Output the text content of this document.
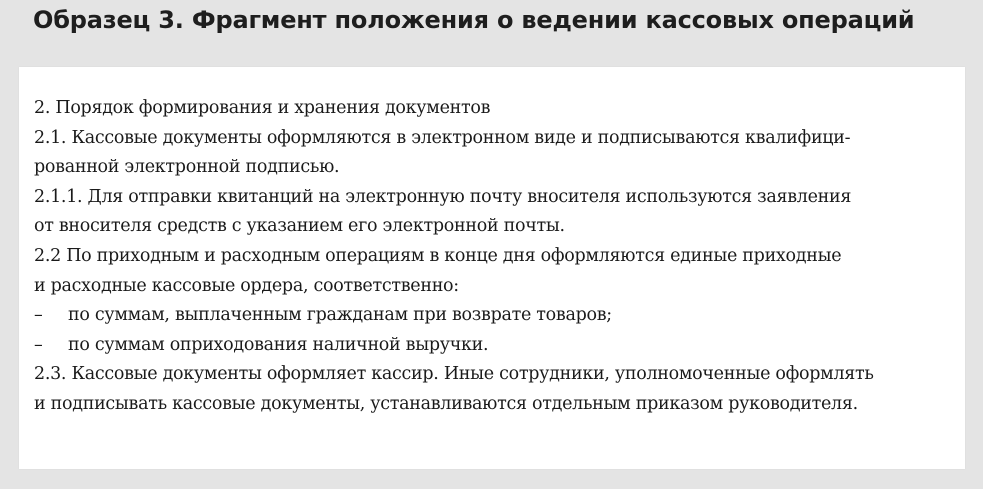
Образец 3. Фрагмент положения о ведении кассовых операций
2. Порядок формирования и хранения документов
2.1. Кассовые документы оформляются в электронном виде и подписываются квалифици-
рованной электронной подписью.
2.1.1. Для отправки квитанций на электронную почту вносителя используются заявления
от вносителя средств с указанием его электронной почты.
2.2 По приходным и расходным операциям в конце дня оформляются единые приходные
и расходные кассовые ордера, соответственно:
– по суммам, выплаченным гражданам при возврате товаров;
– по суммам оприходования наличной выручки.
2.3. Кассовые документы оформляет кассир. Иные сотрудники, уполномоченные оформлять
и подписывать кассовые документы, устанавливаются отдельным приказом руководителя.
